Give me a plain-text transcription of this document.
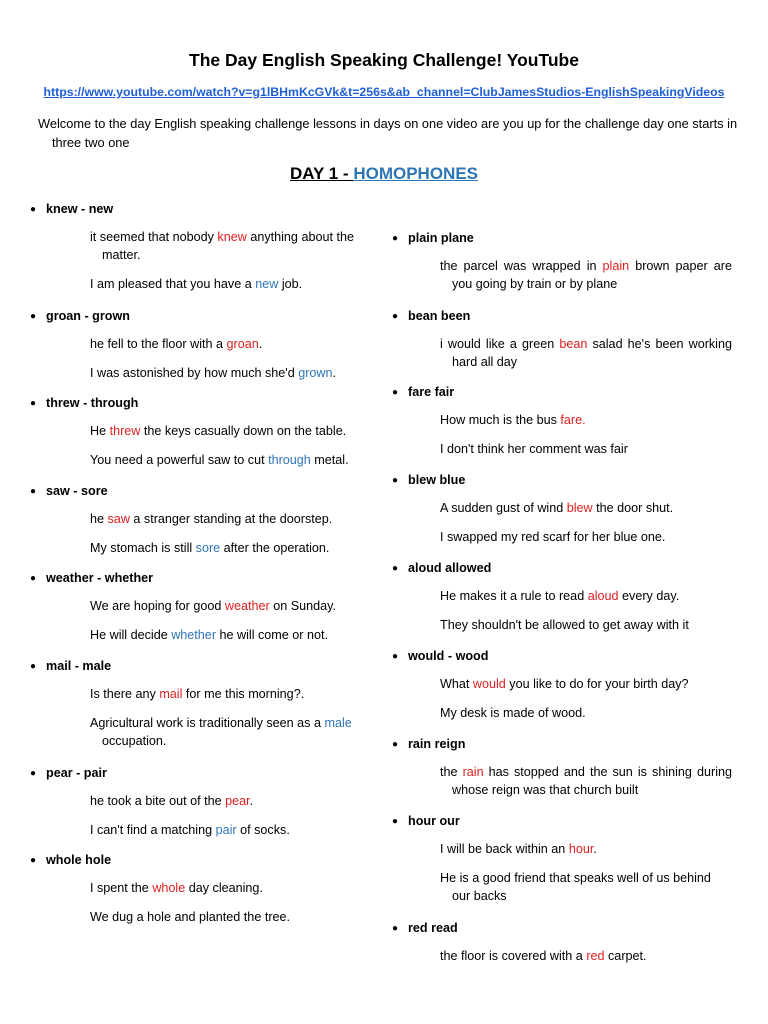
The Day English Speaking Challenge! YouTube
https://www.youtube.com/watch?v=g1lBHmKcGVk&t=256s&ab_channel=ClubJamesStudios-EnglishSpeakingVideos
Welcome to the day English speaking challenge lessons in days on one video are you up for the challenge day one starts in three two one
DAY 1 - HOMOPHONES
● knew - new
it seemed that nobody knew anything about the matter.
I am pleased that you have a new job.
● groan - grown
he fell to the floor with a groan.
I was astonished by how much she'd grown.
● threw - through
He threw the keys casually down on the table.
You need a powerful saw to cut through metal.
● saw - sore
he saw a stranger standing at the doorstep.
My stomach is still sore after the operation.
● weather - whether
We are hoping for good weather on Sunday.
He will decide whether he will come or not.
● mail - male
Is there any mail for me this morning?.
Agricultural work is traditionally seen as a male occupation.
● pear - pair
he took a bite out of the pear.
I can't find a matching pair of socks.
● whole hole
I spent the whole day cleaning.
We dug a hole and planted the tree.
● plain plane
the parcel was wrapped in plain brown paper are you going by train or by plane
● bean been
i would like a green bean salad he's been working hard all day
● fare fair
How much is the bus fare.
I don't think her comment was fair
● blew blue
A sudden gust of wind blew the door shut.
I swapped my red scarf for her blue one.
● aloud allowed
He makes it a rule to read aloud every day.
They shouldn't be allowed to get away with it
● would - wood
What would you like to do for your birth day?
My desk is made of wood.
● rain reign
the rain has stopped and the sun is shining during whose reign was that church built
● hour our
I will be back within an hour.
He is a good friend that speaks well of us behind our backs
● red read
the floor is covered with a red carpet.
